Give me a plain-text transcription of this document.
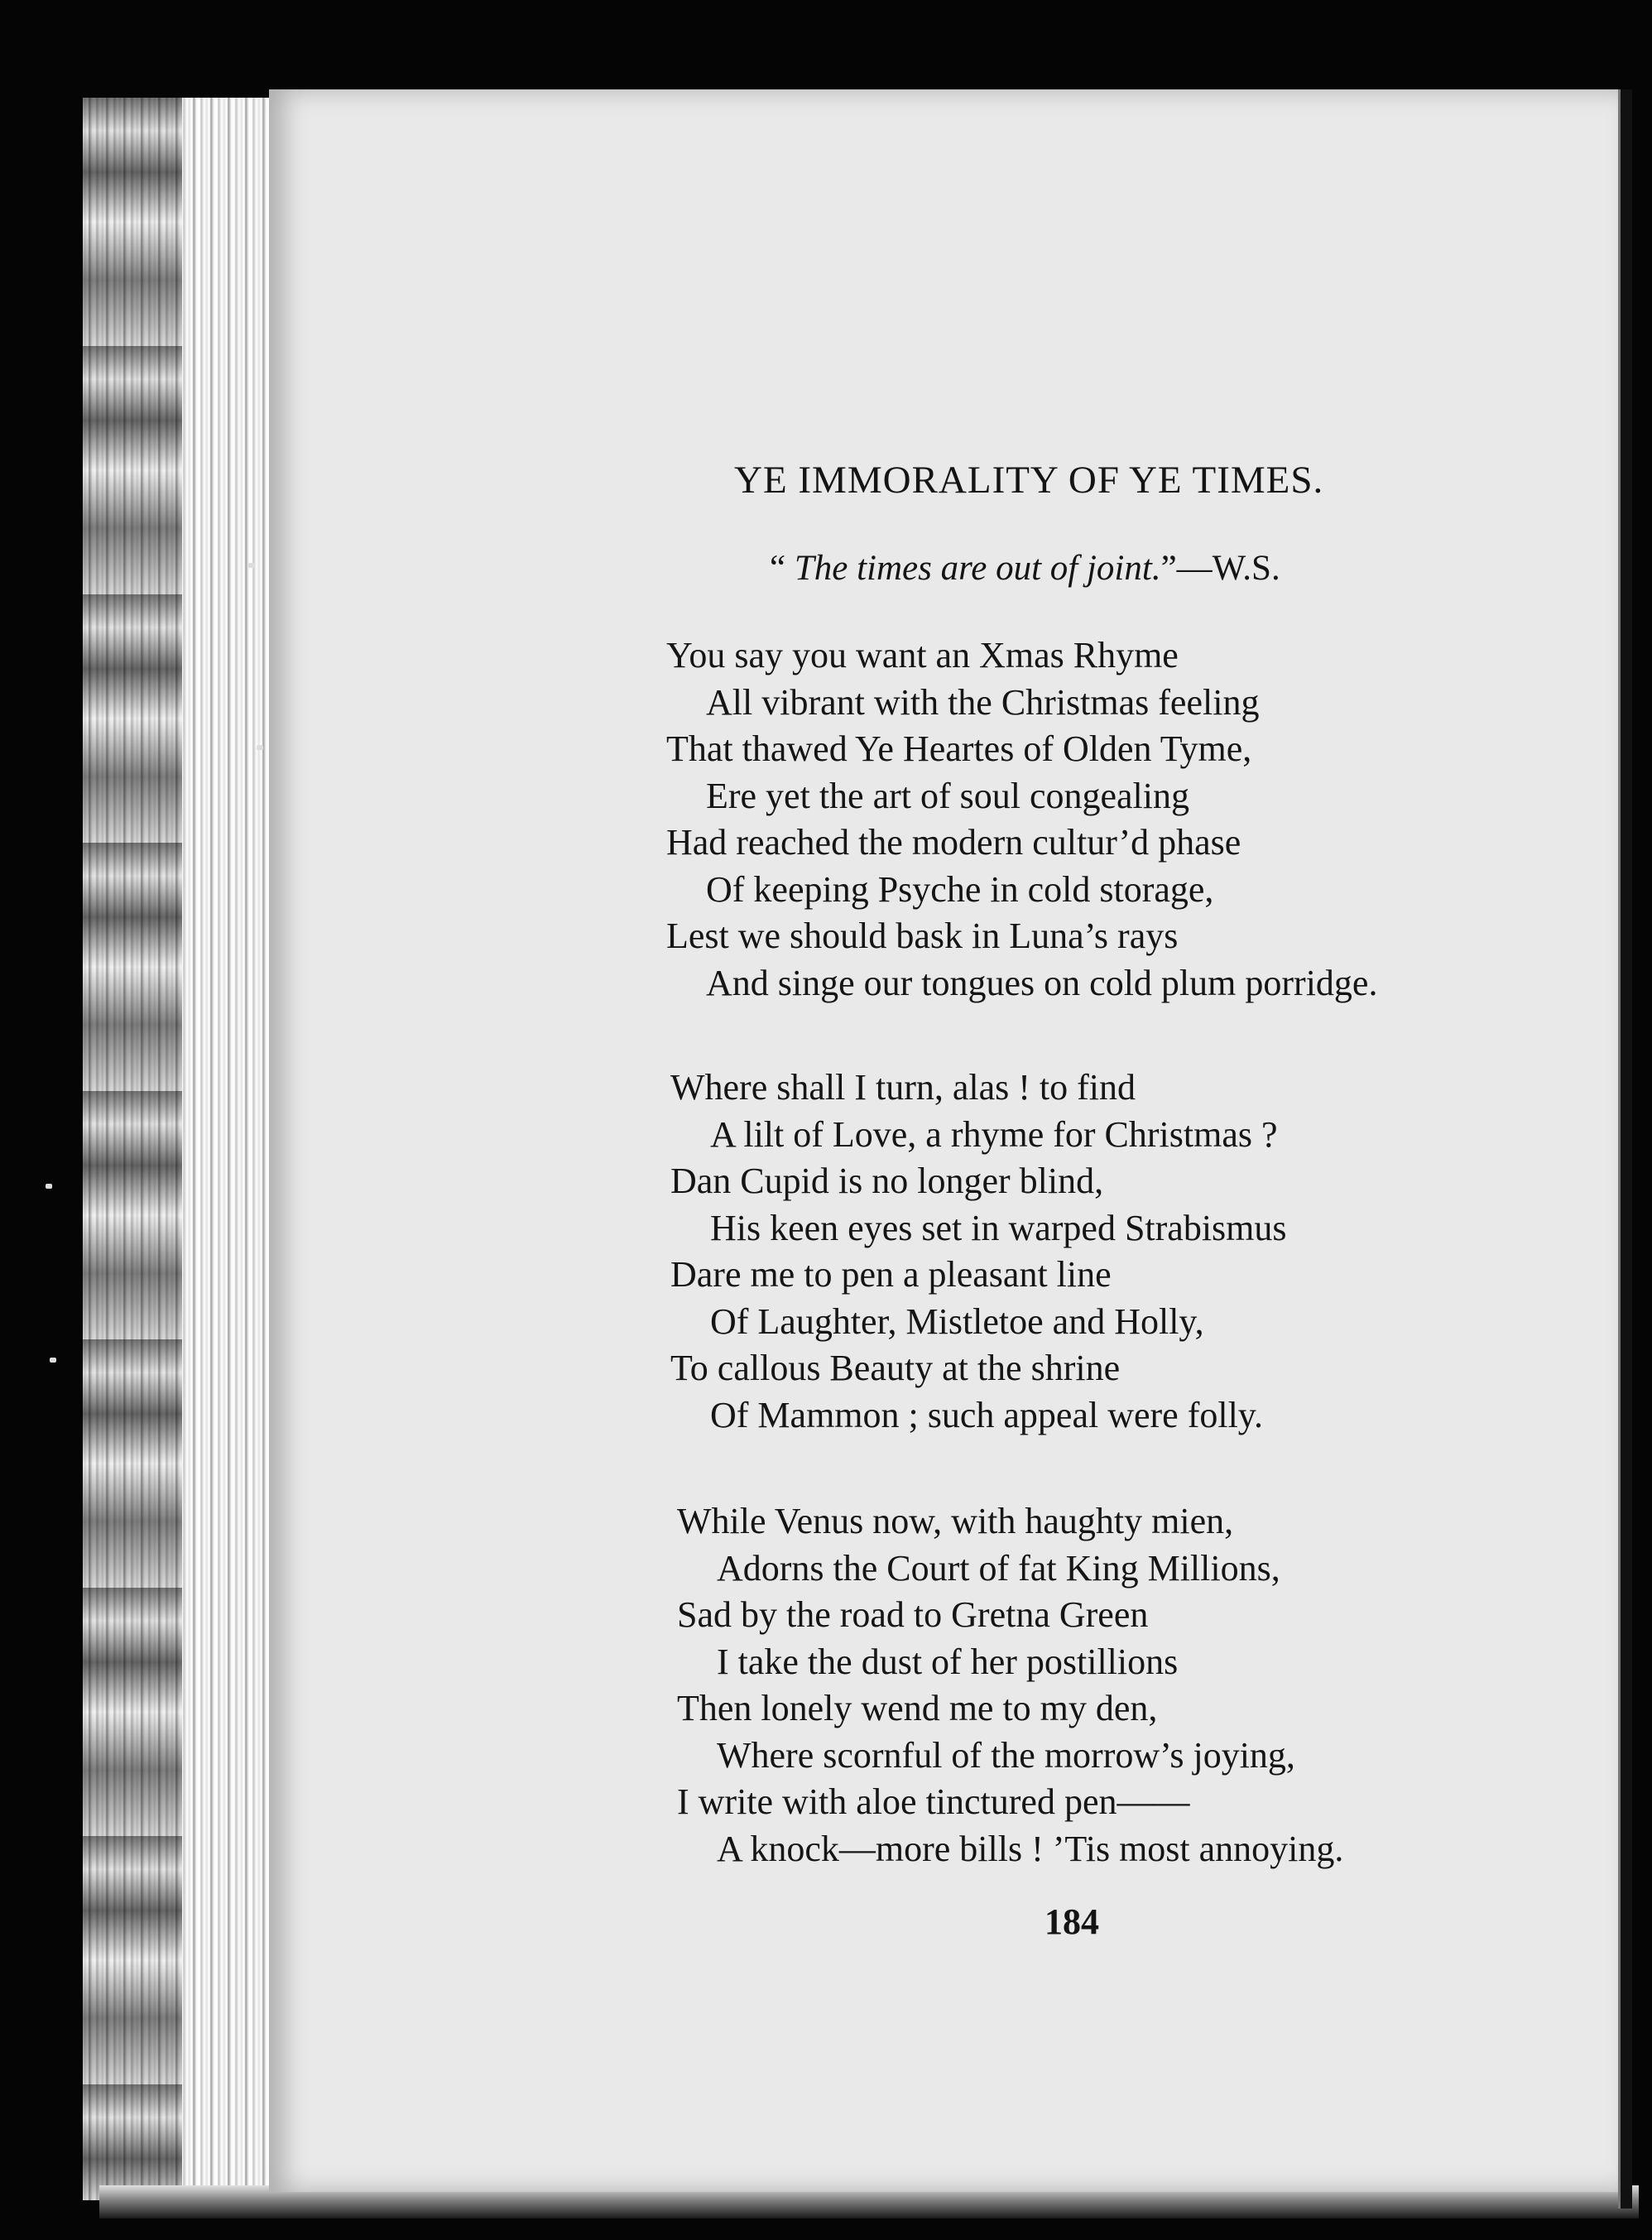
YE IMMORALITY OF YE TIMES.
“ The times are out of joint.”—W.S.
You say you want an Xmas Rhyme
All vibrant with the Christmas feeling
That thawed Ye Heartes of Olden Tyme,
Ere yet the art of soul congealing
Had reached the modern cultur’d phase
Of keeping Psyche in cold storage,
Lest we should bask in Luna’s rays
And singe our tongues on cold plum porridge.
Where shall I turn, alas ! to find
A lilt of Love, a rhyme for Christmas ?
Dan Cupid is no longer blind,
His keen eyes set in warped Strabismus
Dare me to pen a pleasant line
Of Laughter, Mistletoe and Holly,
To callous Beauty at the shrine
Of Mammon ; such appeal were folly.
While Venus now, with haughty mien,
Adorns the Court of fat King Millions,
Sad by the road to Gretna Green
I take the dust of her postillions
Then lonely wend me to my den,
Where scornful of the morrow’s joying,
I write with aloe tinctured pen——
A knock—more bills ! ’Tis most annoying.
184
